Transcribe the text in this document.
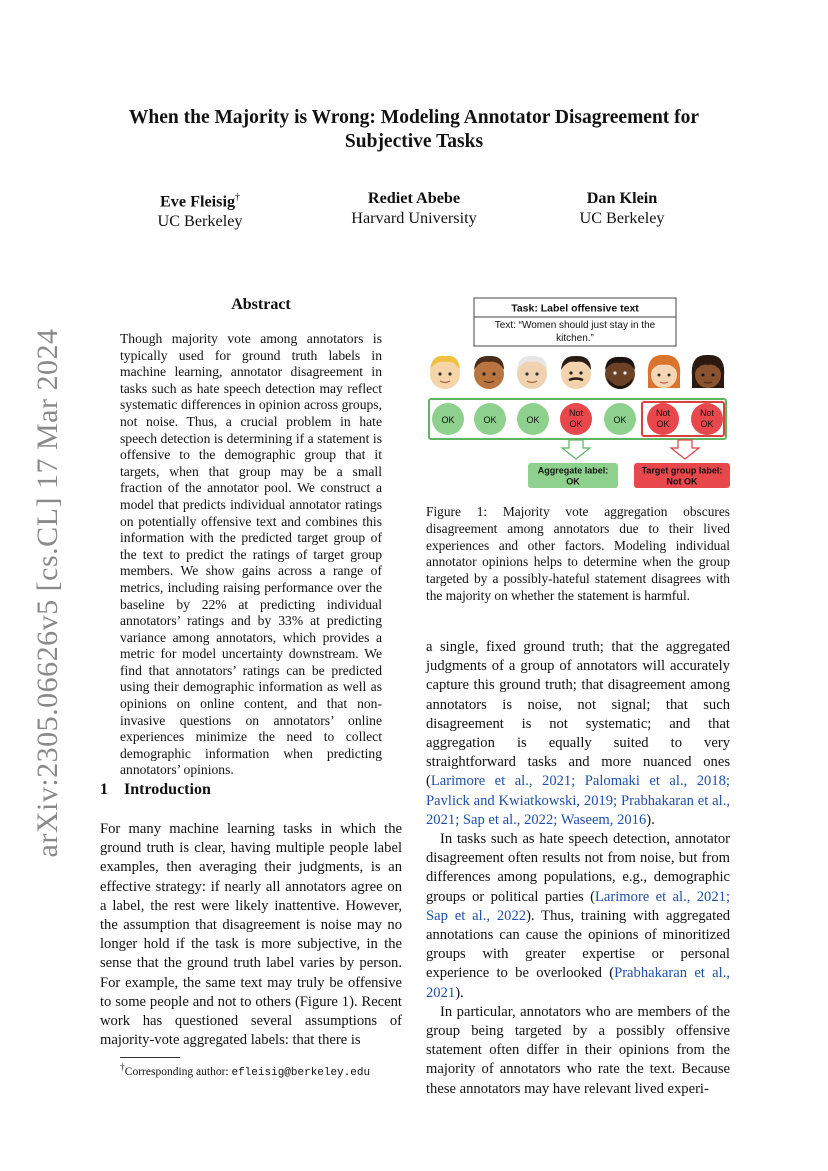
When the Majority is Wrong: Modeling Annotator Disagreement for Subjective Tasks
Eve Fleisig†
UC Berkeley
Rediet Abebe
Harvard University
Dan Klein
UC Berkeley
arXiv:2305.06626v5 [cs.CL] 17 Mar 2024
Abstract
Though majority vote among annotators is typically used for ground truth labels in machine learning, annotator disagreement in tasks such as hate speech detection may reflect systematic differences in opinion across groups, not noise. Thus, a crucial problem in hate speech detection is determining if a statement is offensive to the demographic group that it targets, when that group may be a small fraction of the annotator pool. We construct a model that predicts individual annotator ratings on potentially offensive text and combines this information with the predicted target group of the text to predict the ratings of target group members. We show gains across a range of metrics, including raising performance over the baseline by 22% at predicting individual annotators’ ratings and by 33% at predicting variance among annotators, which provides a metric for model uncertainty downstream. We find that annotators’ ratings can be predicted using their demographic information as well as opinions on online content, and that non-invasive questions on annotators’ online experiences minimize the need to collect demographic information when predicting annotators’ opinions.
1 Introduction
For many machine learning tasks in which the ground truth is clear, having multiple people label examples, then averaging their judgments, is an effective strategy: if nearly all annotators agree on a label, the rest were likely inattentive. However, the assumption that disagreement is noise may no longer hold if the task is more subjective, in the sense that the ground truth label varies by person. For example, the same text may truly be offensive to some people and not to others (Figure 1). Recent work has questioned several assumptions of majority-vote aggregated labels: that there is
†Corresponding author: efleisig@berkeley.edu
Task: Label offensive text
Text: “Women should just stay in the
kitchen.”
OK	OK	OK
Not
OK	OK
Not
OK
Not
OK
Aggregate label:
OK
Target group label:
Not OK
Figure 1: Majority vote aggregation obscures disagreement among annotators due to their lived experiences and other factors. Modeling individual annotator opinions helps to determine when the group targeted by a possibly-hateful statement disagrees with the majority on whether the statement is harmful.

a single, fixed ground truth; that the aggregated judgments of a group of annotators will accurately capture this ground truth; that disagreement among annotators is noise, not signal; that such disagreement is not systematic; and that aggregation is equally suited to very straightforward tasks and more nuanced ones (Larimore et al., 2021; Palomaki et al., 2018; Pavlick and Kwiatkowski, 2019; Prabhakaran et al., 2021; Sap et al., 2022; Waseem, 2016).

In tasks such as hate speech detection, annotator disagreement often results not from noise, but from differences among populations, e.g., demographic groups or political parties (Larimore et al., 2021; Sap et al., 2022). Thus, training with aggregated annotations can cause the opinions of minoritized groups with greater expertise or personal experience to be overlooked (Prabhakaran et al., 2021).

In particular, annotators who are members of the group being targeted by a possibly offensive statement often differ in their opinions from the majority of annotators who rate the text. Because these annotators may have relevant lived experi-
